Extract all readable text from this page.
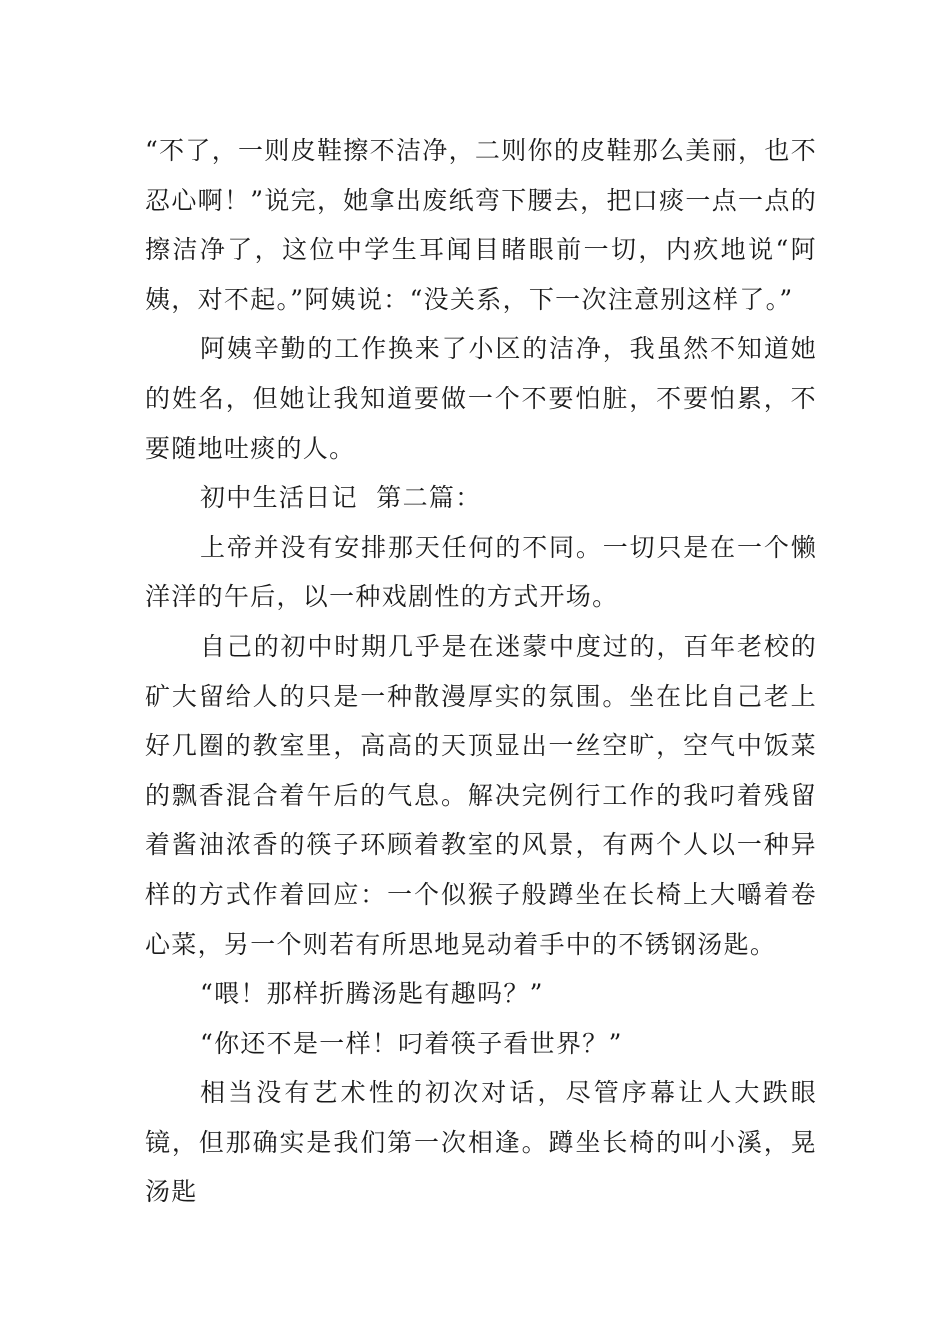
“不了，一则皮鞋擦不洁净，二则你的皮鞋那么美丽，也不忍心啊！”说完，她拿出废纸弯下腰去，把口痰一点一点的擦洁净了，这位中学生耳闻目睹眼前一切，内疚地说“阿姨，对不起。”阿姨说：“没关系，下一次注意别这样了。”

阿姨辛勤的工作换来了小区的洁净，我虽然不知道她的姓名，但她让我知道要做一个不要怕脏，不要怕累，不要随地吐痰的人。

初中生活日记  第二篇：

上帝并没有安排那天任何的不同。一切只是在一个懒洋洋的午后，以一种戏剧性的方式开场。

自己的初中时期几乎是在迷蒙中度过的，百年老校的矿大留给人的只是一种散漫厚实的氛围。坐在比自己老上好几圈的教室里，高高的天顶显出一丝空旷，空气中饭菜的飘香混合着午后的气息。解决完例行工作的我叼着残留着酱油浓香的筷子环顾着教室的风景，有两个人以一种异样的方式作着回应：一个似猴子般蹲坐在长椅上大嚼着卷心菜，另一个则若有所思地晃动着手中的不锈钢汤匙。

“喂！那样折腾汤匙有趣吗？”

“你还不是一样！叼着筷子看世界？”

相当没有艺术性的初次对话，尽管序幕让人大跌眼镜，但那确实是我们第一次相逢。蹲坐长椅的叫小溪，晃汤匙
